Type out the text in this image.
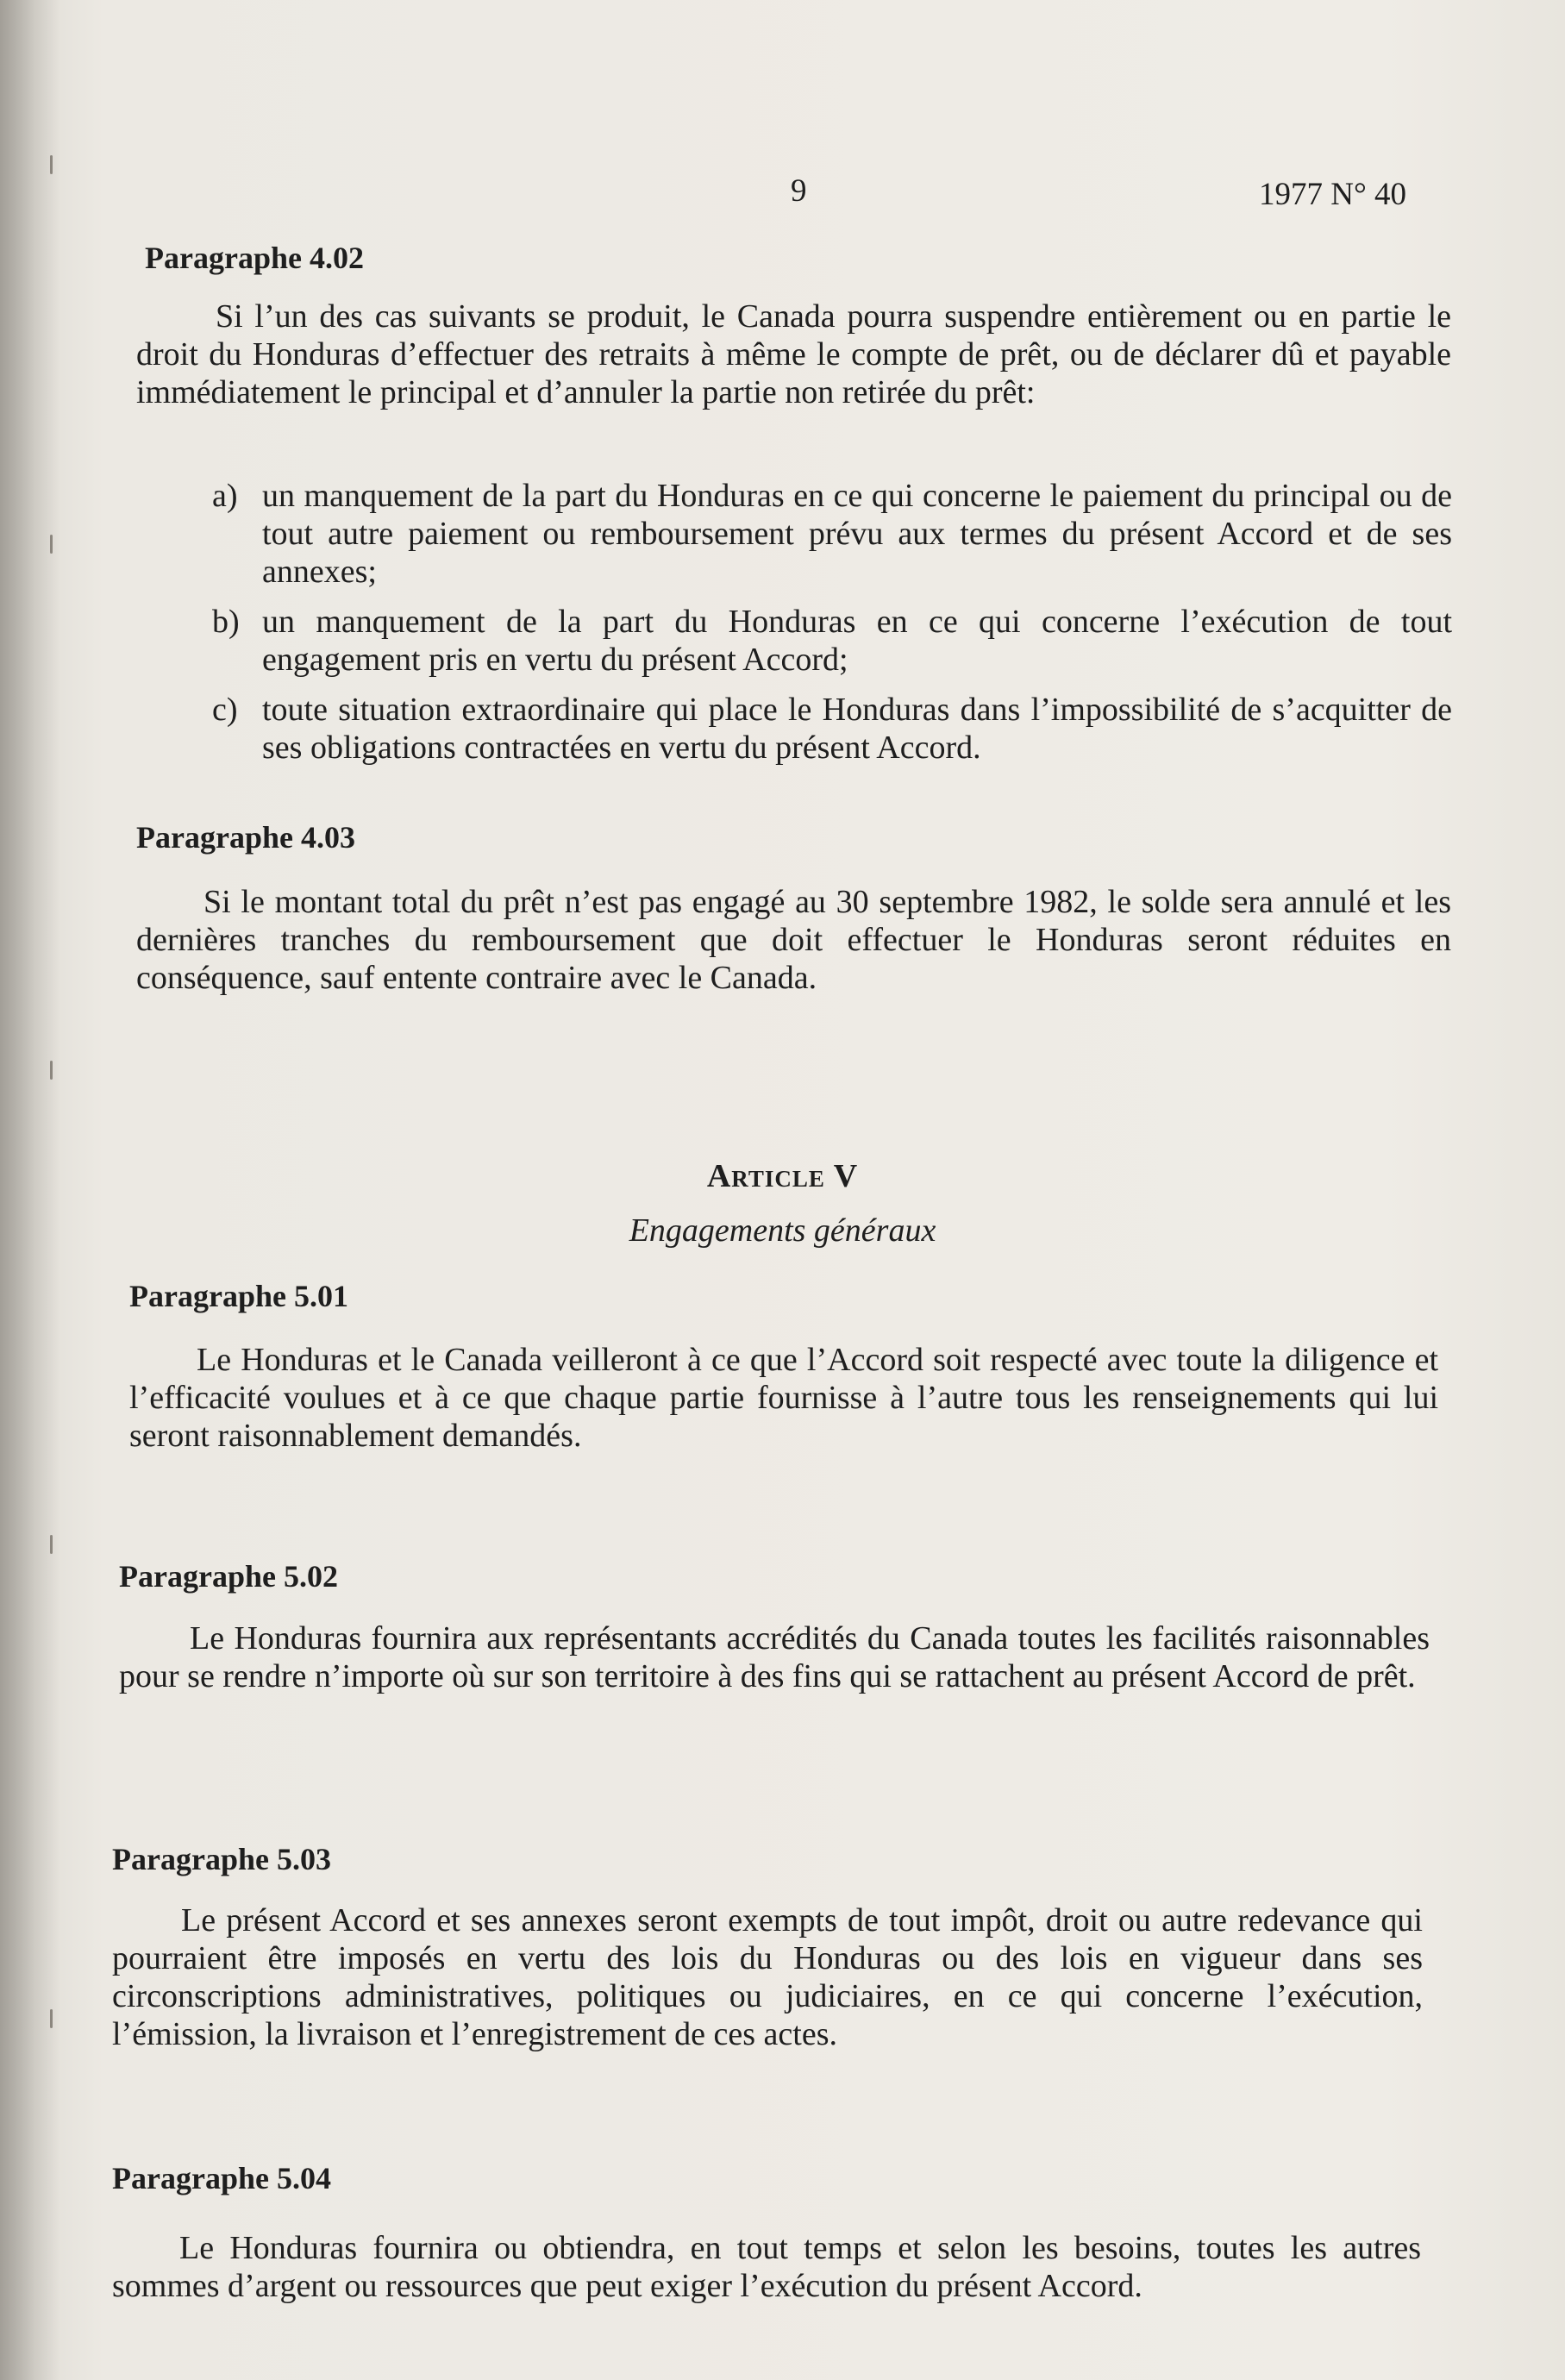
9	1977 N° 40
Paragraphe 4.02

Si l’un des cas suivants se produit, le Canada pourra suspendre entièrement ou en partie le droit du Honduras d’effectuer des retraits à même le compte de prêt, ou de déclarer dû et payable immédiatement le principal et d’annuler la partie non retirée du prêt:

a) un manquement de la part du Honduras en ce qui concerne le paiement du principal ou de tout autre paiement ou remboursement prévu aux termes du présent Accord et de ses annexes;
b) un manquement de la part du Honduras en ce qui concerne l’exécution de tout engagement pris en vertu du présent Accord;
c) toute situation extraordinaire qui place le Honduras dans l’impossibilité de s’acquitter de ses obligations contractées en vertu du présent Accord.
Paragraphe 4.03

Si le montant total du prêt n’est pas engagé au 30 septembre 1982, le solde sera annulé et les dernières tranches du remboursement que doit effectuer le Honduras seront réduites en conséquence, sauf entente contraire avec le Canada.

Article V

Engagements généraux

Paragraphe 5.01

Le Honduras et le Canada veilleront à ce que l’Accord soit respecté avec toute la diligence et l’efficacité voulues et à ce que chaque partie fournisse à l’autre tous les renseignements qui lui seront raisonnablement demandés.

Paragraphe 5.02

Le Honduras fournira aux représentants accrédités du Canada toutes les facilités raisonnables pour se rendre n’importe où sur son territoire à des fins qui se rattachent au présent Accord de prêt.

Paragraphe 5.03

Le présent Accord et ses annexes seront exempts de tout impôt, droit ou autre redevance qui pourraient être imposés en vertu des lois du Honduras ou des lois en vigueur dans ses circonscriptions administratives, politiques ou judiciaires, en ce qui concerne l’exécution, l’émission, la livraison et l’enregistrement de ces actes.

Paragraphe 5.04

Le Honduras fournira ou obtiendra, en tout temps et selon les besoins, toutes les autres sommes d’argent ou ressources que peut exiger l’exécution du présent Accord.
